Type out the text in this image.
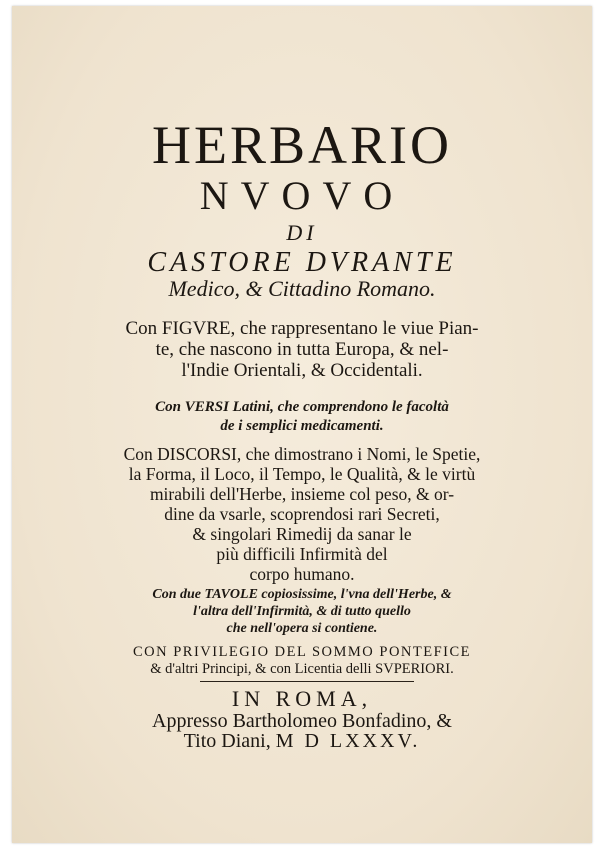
HERBARIO
NVOVO
DI
CASTORE DVRANTE
Medico, & Cittadino Romano.
Con FIGVRE, che rappresentano le viue Pian-
te, che nascono in tutta Europa, & nel-
l'Indie Orientali, & Occidentali.
Con VERSI Latini, che comprendono le facoltà
de i semplici medicamenti.
Con DISCORSI, che dimostrano i Nomi, le Spetie,
la Forma, il Loco, il Tempo, le Qualità, & le virtù
mirabili dell'Herbe, insieme col peso, & or-
dine da vsarle, scoprendosi rari Secreti,
& singolari Rimedij da sanar le
più difficili Infirmità del
corpo humano.
Con due TAVOLE copiosissime, l'vna dell'Herbe, &
l'altra dell'Infirmità, & di tutto quello
che nell'opera si contiene.
CON PRIVILEGIO DEL SOMMO PONTEFICE
& d'altri Principi, & con Licentia delli SVPERIORI.
IN ROMA,
Appresso Bartholomeo Bonfadino, &
Tito Diani, M D LXXXV.
